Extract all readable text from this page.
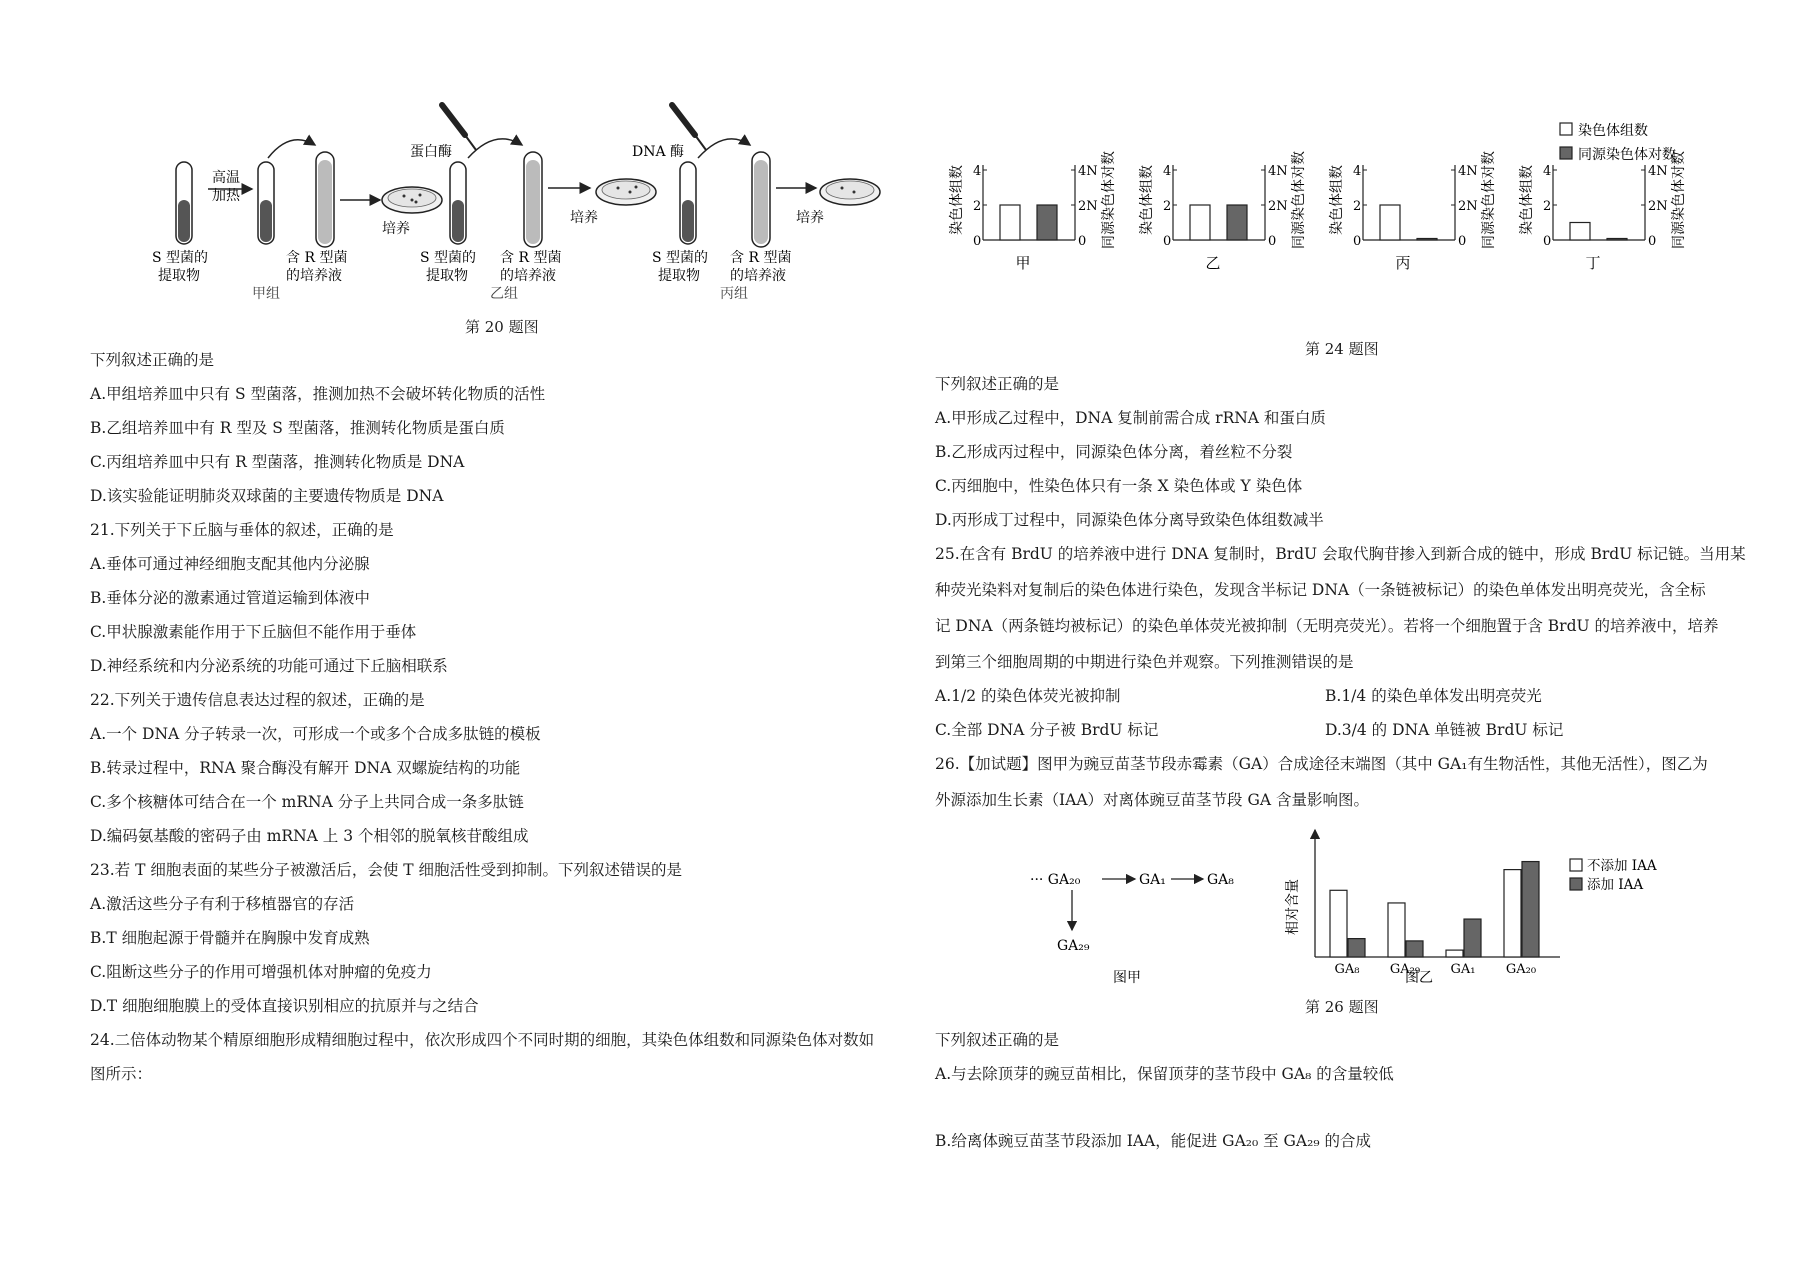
高温
加热
培养
S 型菌的
提取物
含 R 型菌
的培养液
甲组
蛋白酶
培养
S 型菌的
提取物
含 R 型菌
的培养液
乙组
DNA 酶
培养
S 型菌的
提取物
含 R 型菌
的培养液
丙组
第 20 题图
下列叙述正确的是
A.甲组培养皿中只有 S 型菌落，推测加热不会破坏转化物质的活性
B.乙组培养皿中有 R 型及 S 型菌落，推测转化物质是蛋白质
C.丙组培养皿中只有 R 型菌落，推测转化物质是 DNA
D.该实验能证明肺炎双球菌的主要遗传物质是 DNA
21.下列关于下丘脑与垂体的叙述，正确的是
A.垂体可通过神经细胞支配其他内分泌腺
B.垂体分泌的激素通过管道运输到体液中
C.甲状腺激素能作用于下丘脑但不能作用于垂体
D.神经系统和内分泌系统的功能可通过下丘脑相联系
22.下列关于遗传信息表达过程的叙述，正确的是
A.一个 DNA 分子转录一次，可形成一个或多个合成多肽链的模板
B.转录过程中，RNA 聚合酶没有解开 DNA 双螺旋结构的功能
C.多个核糖体可结合在一个 mRNA 分子上共同合成一条多肽链
D.编码氨基酸的密码子由 mRNA 上 3 个相邻的脱氧核苷酸组成
23.若 T 细胞表面的某些分子被激活后，会使 T 细胞活性受到抑制。下列叙述错误的是
A.激活这些分子有利于移植器官的存活
B.T 细胞起源于骨髓并在胸腺中发育成熟
C.阻断这些分子的作用可增强机体对肿瘤的免疫力
D.T 细胞细胞膜上的受体直接识别相应的抗原并与之结合
24.二倍体动物某个精原细胞形成精细胞过程中，依次形成四个不同时期的细胞，其染色体组数和同源染色体对数如
图所示：
染色体组数
同源染色体对数
染色体组数 4
2
0
4N
2N
0 同源染色体对数
甲
染色体组数 4
2
0
4N
2N
0 同源染色体对数
乙
染色体组数 4
2
0
4N
2N
0 同源染色体对数
丙
染色体组数 4
2
0
4N
2N
0 同源染色体对数
丁
第 24 题图
下列叙述正确的是
A.甲形成乙过程中，DNA 复制前需合成 rRNA 和蛋白质
B.乙形成丙过程中，同源染色体分离，着丝粒不分裂
C.丙细胞中，性染色体只有一条 X 染色体或 Y 染色体
D.丙形成丁过程中，同源染色体分离导致染色体组数减半
25.在含有 BrdU 的培养液中进行 DNA 复制时，BrdU 会取代胸苷掺入到新合成的链中，形成 BrdU 标记链。当用某
种荧光染料对复制后的染色体进行染色，发现含半标记 DNA（一条链被标记）的染色单体发出明亮荧光，含全标
记 DNA（两条链均被标记）的染色单体荧光被抑制（无明亮荧光）。若将一个细胞置于含 BrdU 的培养液中，培养
到第三个细胞周期的中期进行染色并观察。下列推测错误的是
A.1/2 的染色体荧光被抑制	B.1/4 的染色单体发出明亮荧光
C.全部 DNA 分子被 BrdU 标记	D.3/4 的 DNA 单链被 BrdU 标记
26.【加试题】图甲为豌豆苗茎节段赤霉素（GA）合成途径末端图（其中 GA₁有生物活性，其他无活性），图乙为
外源添加生长素（IAA）对离体豌豆苗茎节段 GA 含量影响图。
··· GA₂₀	GA₁	GA₈
GA₂₉
图甲
相对含量
GA₈ GA₂₉ GA₁ GA₂₀
图乙
不添加 IAA
添加 IAA
第 26 题图
下列叙述正确的是
A.与去除顶芽的豌豆苗相比，保留顶芽的茎节段中 GA₈ 的含量较低
B.给离体豌豆苗茎节段添加 IAA，能促进 GA₂₀ 至 GA₂₉ 的合成
